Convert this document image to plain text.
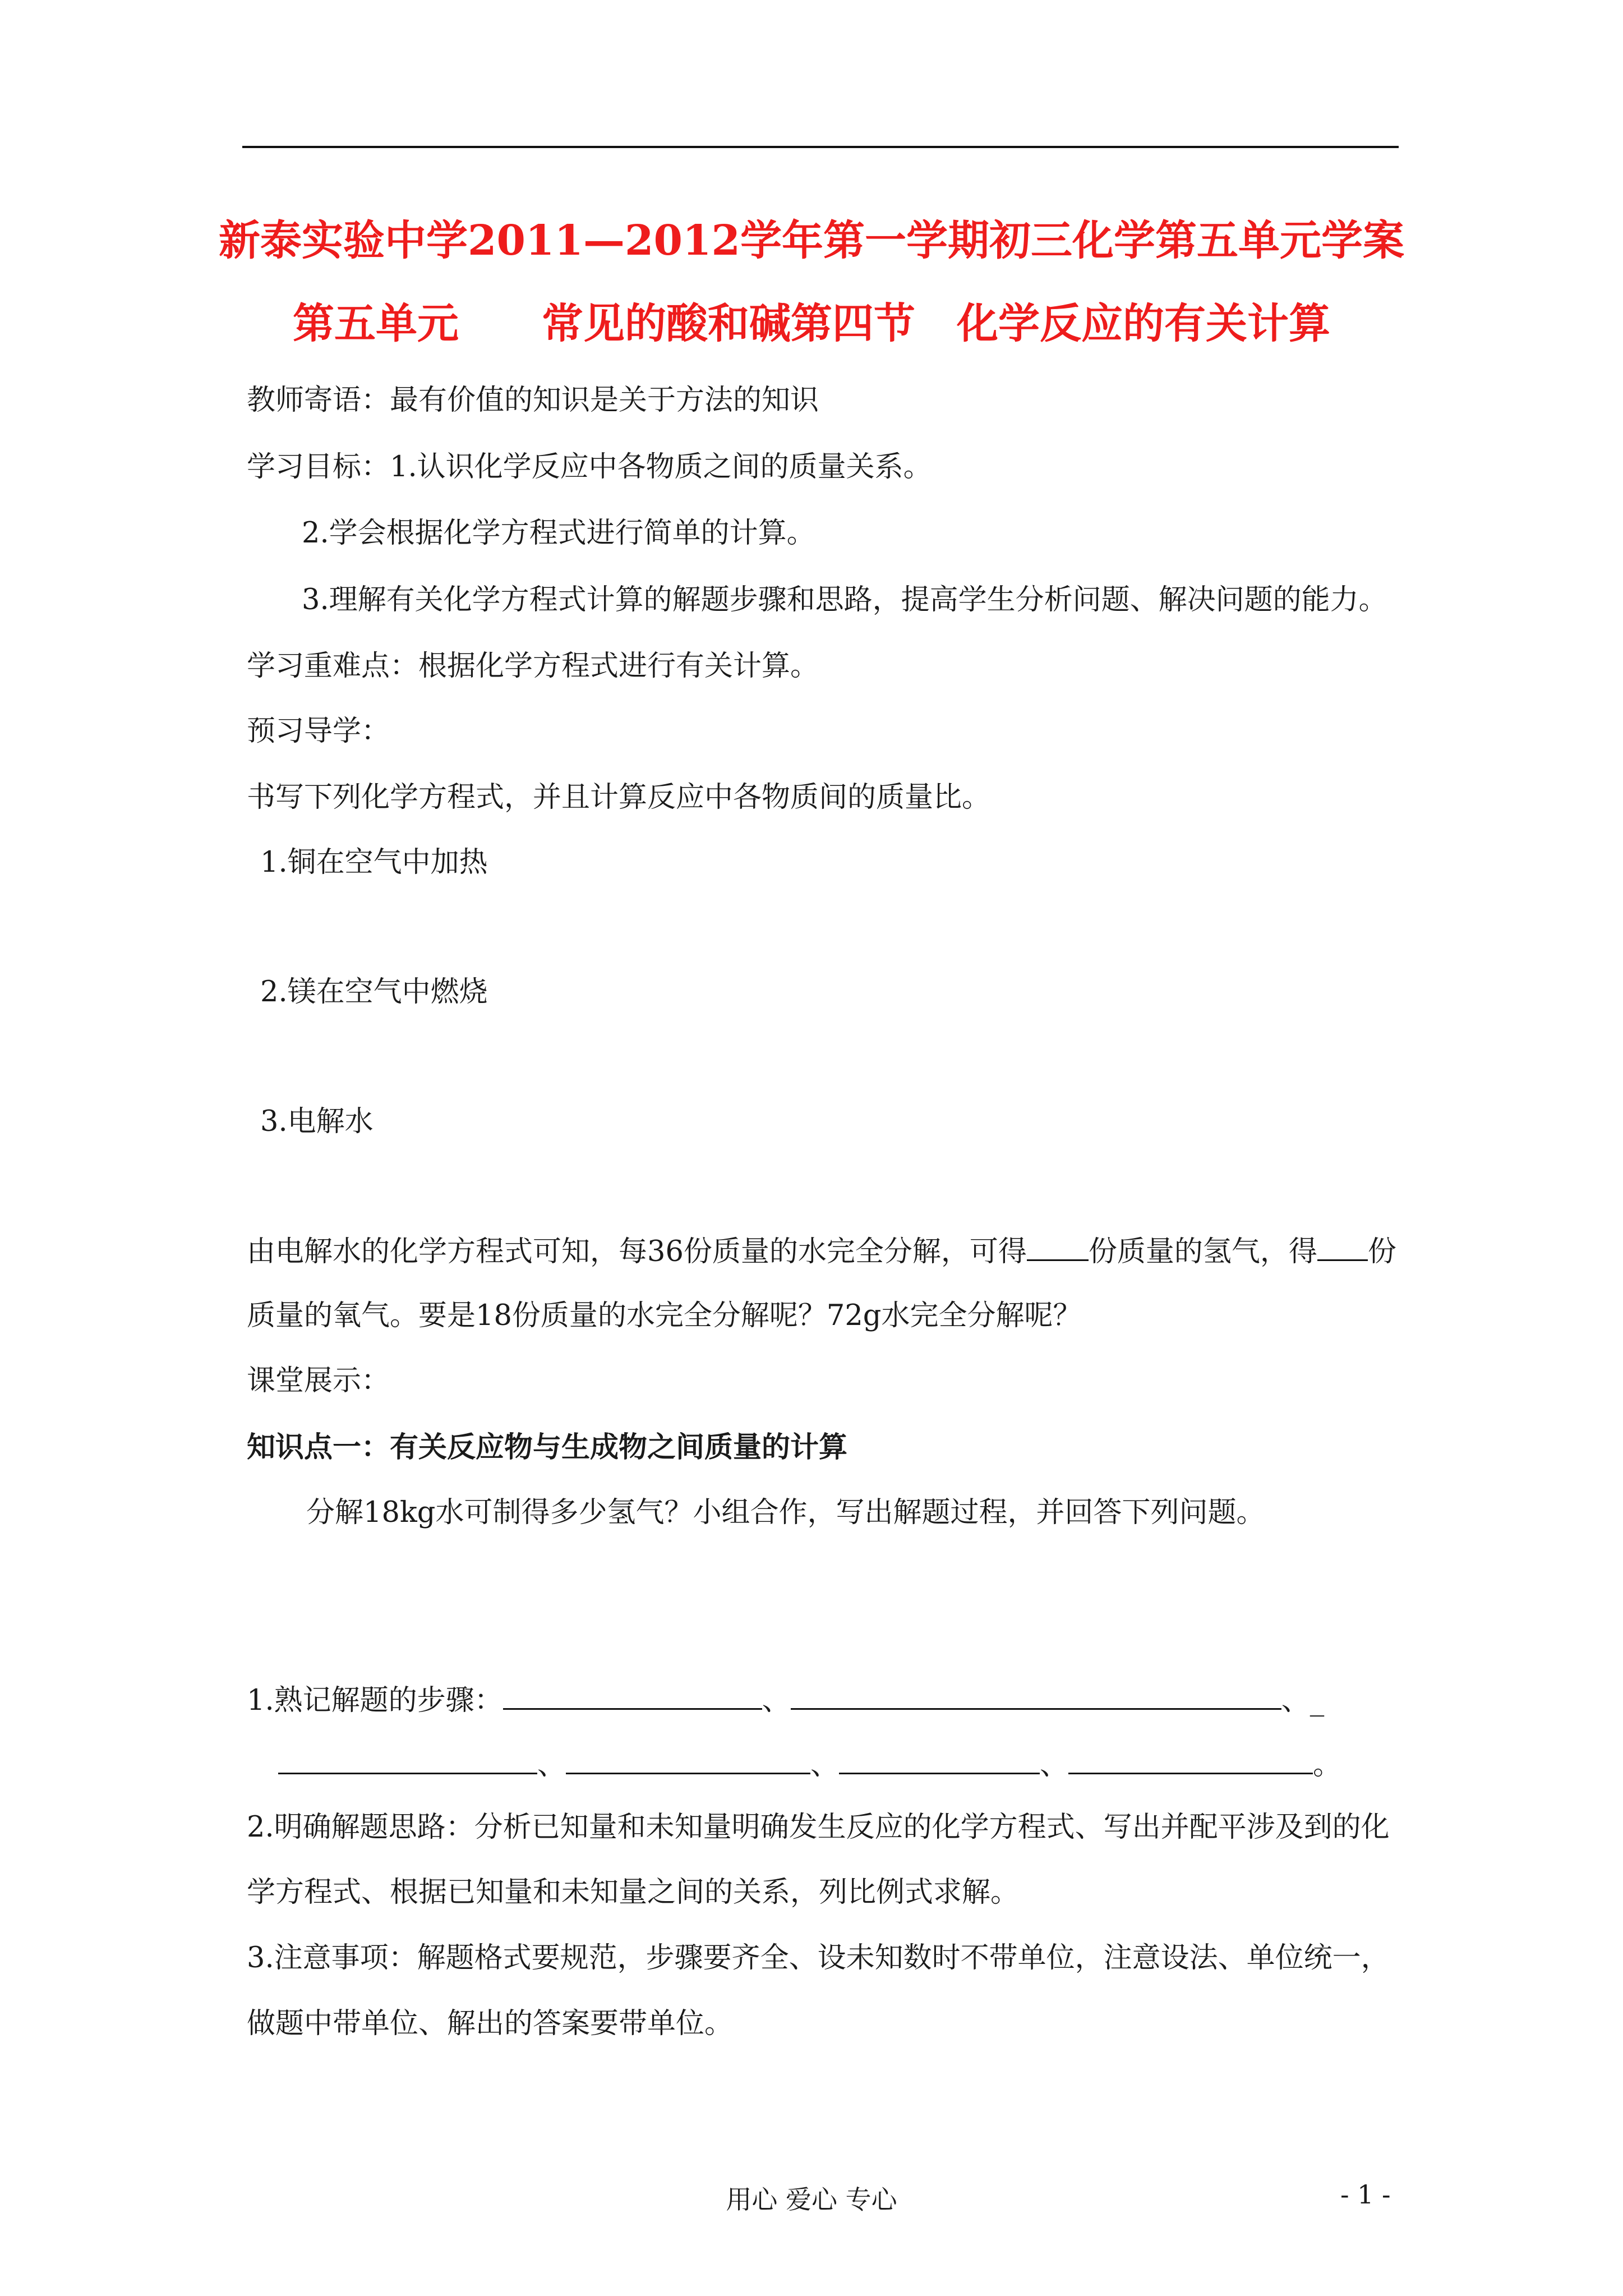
新泰实验中学2011—2012学年第一学期初三化学第五单元学案
第五单元　　常见的酸和碱第四节　化学反应的有关计算
教师寄语：最有价值的知识是关于方法的知识
学习目标：1.认识化学反应中各物质之间的质量关系。
2.学会根据化学方程式进行简单的计算。
3.理解有关化学方程式计算的解题步骤和思路，提高学生分析问题、解决问题的能力。
学习重难点：根据化学方程式进行有关计算。
预习导学：
书写下列化学方程式，并且计算反应中各物质间的质量比。
1.铜在空气中加热
2.镁在空气中燃烧
3.电解水
由电解水的化学方程式可知，每36份质量的水完全分解，可得 份质量的氢气，得 份
质量的氧气。要是18份质量的水完全分解呢？72g水完全分解呢？
课堂展示：
知识点一：有关反应物与生成物之间质量的计算
分解18kg水可制得多少氢气？小组合作，写出解题过程，并回答下列问题。
1.熟记解题的步骤：	、	、_
、	、	、	。
2.明确解题思路：分析已知量和未知量明确发生反应的化学方程式、写出并配平涉及到的化
学方程式、根据已知量和未知量之间的关系，列比例式求解。
3.注意事项：解题格式要规范，步骤要齐全、设未知数时不带单位，注意设法、单位统一，
做题中带单位、解出的答案要带单位。
用心 爱心 专心	- 1 -
